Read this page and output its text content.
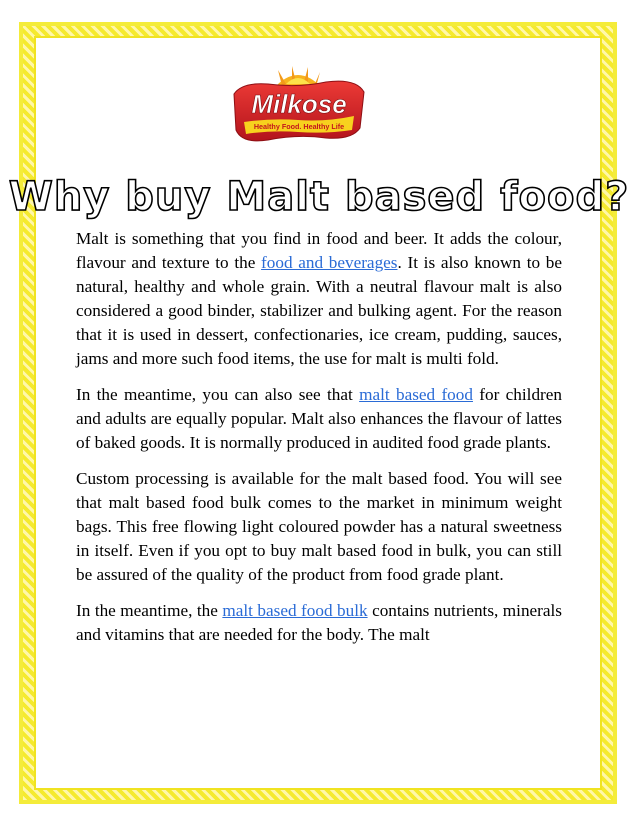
Milkose
Healthy Food. Healthy Life
Why buy Malt based food?

Malt is something that you find in food and beer. It adds the colour, flavour and texture to the food and beverages. It is also known to be natural, healthy and whole grain. With a neutral flavour malt is also considered a good binder, stabilizer and bulking agent. For the reason that it is used in dessert, confectionaries, ice cream, pudding, sauces, jams and more such food items, the use for malt is multi fold.

In the meantime, you can also see that malt based food for children and adults are equally popular. Malt also enhances the flavour of lattes of baked goods. It is normally produced in audited food grade plants.

Custom processing is available for the malt based food. You will see that malt based food bulk comes to the market in minimum weight bags. This free flowing light coloured powder has a natural sweetness in itself. Even if you opt to buy malt based food in bulk, you can still be assured of the quality of the product from food grade plant.

In the meantime, the malt based food bulk contains nutrients, minerals and vitamins that are needed for the body. The malt
